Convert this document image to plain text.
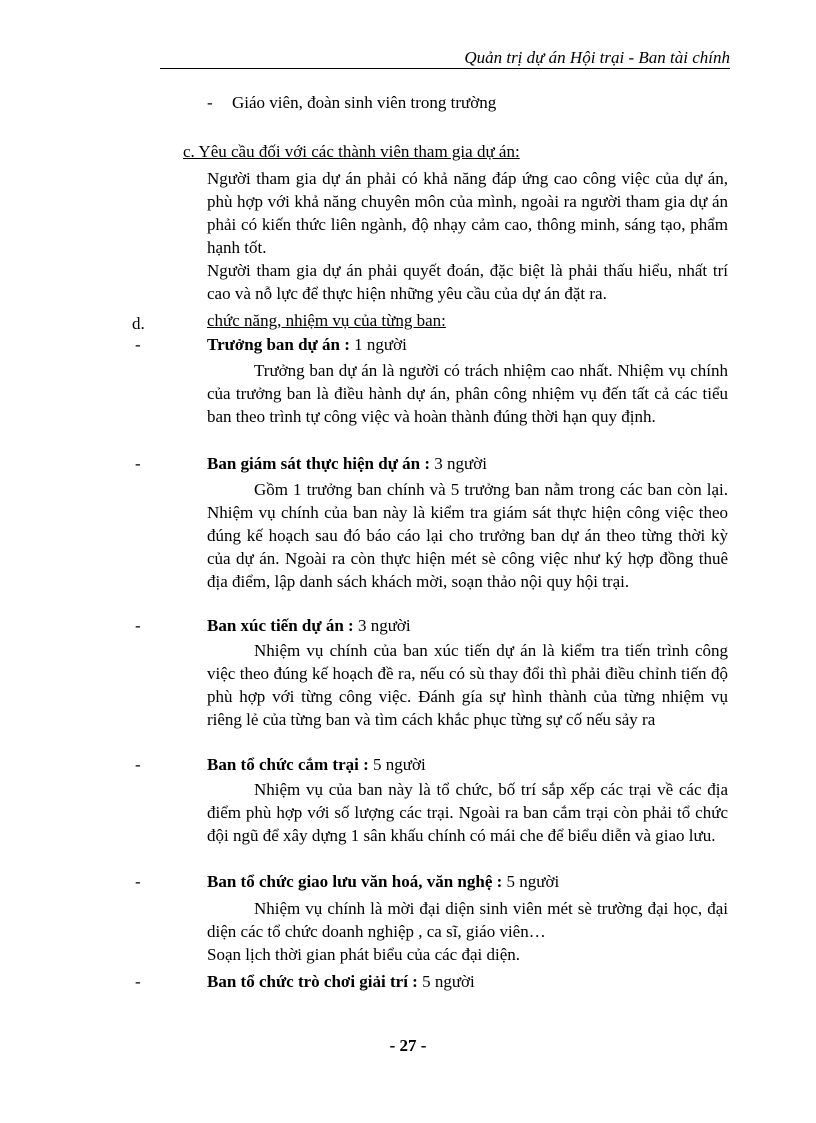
Quản trị dự án Hội trại - Ban tài chính
- Giáo viên, đoàn sinh viên trong trường
c. Yêu cầu đối với các thành viên tham gia dự án:
Người tham gia dự án phải có khả năng đáp ứng cao công việc của dự án, phù hợp với khả năng chuyên môn của mình, ngoài ra người tham gia dự án phải có kiến thức liên ngành, độ nhạy cảm cao, thông minh, sáng tạo, phẩm hạnh tốt.
Người tham gia dự án phải quyết đoán, đặc biệt là phải thấu hiểu, nhất trí cao và nỗ lực để thực hiện những yêu cầu của dự án đặt ra.
d.	chức năng, nhiệm vụ của từng ban:
-	Trưởng ban dự án : 1 người
Trưởng ban dự án là người có trách nhiệm cao nhất. Nhiệm vụ chính của trưởng ban là điều hành dự án, phân công nhiệm vụ đến tất cả các tiểu ban theo trình tự công việc và hoàn thành đúng thời hạn quy định.
-	Ban giám sát thực hiện dự án : 3 người
Gồm 1 trưởng ban chính và 5 trưởng ban nằm trong các ban còn lại. Nhiệm vụ chính của ban này là kiểm tra giám sát thực hiện công việc theo đúng kế hoạch sau đó báo cáo lại cho trưởng ban dự án theo từng thời kỳ của dự án. Ngoài ra còn thực hiện mét sè công việc như ký hợp đồng thuê địa điểm, lập danh sách khách mời, soạn thảo nội quy hội trại.
-	Ban xúc tiến dự án : 3 người
Nhiệm vụ chính của ban xúc tiến dự án là kiểm tra tiến trình công việc theo đúng kế hoạch đề ra, nếu có sù thay đổi thì phải điều chỉnh tiến độ phù hợp với từng công việc. Đánh gía sự hình thành của từng nhiệm vụ riêng lẻ của từng ban và tìm cách khắc phục từng sự cố nếu sảy ra
-	Ban tổ chức cắm trại : 5 người
Nhiệm vụ của ban này là tổ chức, bố trí sắp xếp các trại về các địa điểm phù hợp với số lượng các trại. Ngoài ra ban cắm trại còn phải tổ chức đội ngũ để xây dựng 1 sân khấu chính có mái che để biểu diễn và giao lưu.
-	Ban tổ chức giao lưu văn hoá, văn nghệ : 5 người
Nhiệm vụ chính là mời đại diện sinh viên mét sè trường đại học, đại diện các tổ chức doanh nghiệp , ca sĩ, giáo viên…
Soạn lịch thời gian phát biểu của các đại diện.
-	Ban tổ chức trò chơi giải trí : 5 người
- 27 -
